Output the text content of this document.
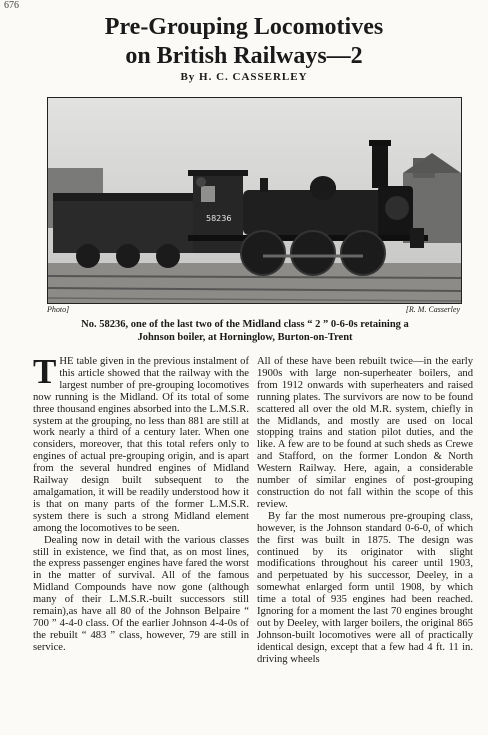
676
Pre-Grouping Locomotives
on British Railways—2
By H. C. CASSERLEY
58236
Photo]	[R. M. Casserley
No. 58236, one of the last two of the Midland class “ 2 ” 0-6-0s retaining a
Johnson boiler, at Horninglow, Burton-on-Trent

THE table given in the previous instalment of this article showed that the railway with the largest number of pre-grouping locomotives now running is the Midland. Of its total of some three thousand engines absorbed into the L.M.S.R. system at the grouping, no less than 881 are still at work nearly a third of a century later. When one considers, moreover, that this total refers only to engines of actual pre-grouping origin, and is apart from the several hundred engines of Midland Railway design built subsequent to the amalgamation, it will be readily understood how it is that on many parts of the former L.M.S.R. system there is such a strong Midland element among the locomotives to be seen.

Dealing now in detail with the various classes still in existence, we find that, as on most lines, the express passenger engines have fared the worst in the matter of survival. All of the famous Midland Compounds have now gone (although many of their L.M.S.R.-built successors still remain),as have all 80 of the Johnson Belpaire “ 700 ” 4-4-0 class. Of the earlier Johnson 4-4-0s of the rebuilt “ 483 ” class, however, 79 are still in service.

All of these have been rebuilt twice—in the early 1900s with large non-superheater boilers, and from 1912 onwards with superheaters and raised running plates. The survivors are now to be found scattered all over the old M.R. system, chiefly in the Midlands, and mostly are used on local stopping trains and station pilot duties, and the like. A few are to be found at such sheds as Crewe and Stafford, on the former London & North Western Railway. Here, again, a considerable number of similar engines of post-grouping construction do not fall within the scope of this review.

By far the most numerous pre-grouping class, however, is the Johnson standard 0-6-0, of which the first was built in 1875. The design was continued by its originator with slight modifications throughout his career until 1903, and perpetuated by his successor, Deeley, in a somewhat enlarged form until 1908, by which time a total of 935 engines had been reached. Ignoring for a moment the last 70 engines brought out by Deeley, with larger boilers, the original 865 Johnson-built locomotives were all of practically identical design, except that a few had 4 ft. 11 in. driving wheels
